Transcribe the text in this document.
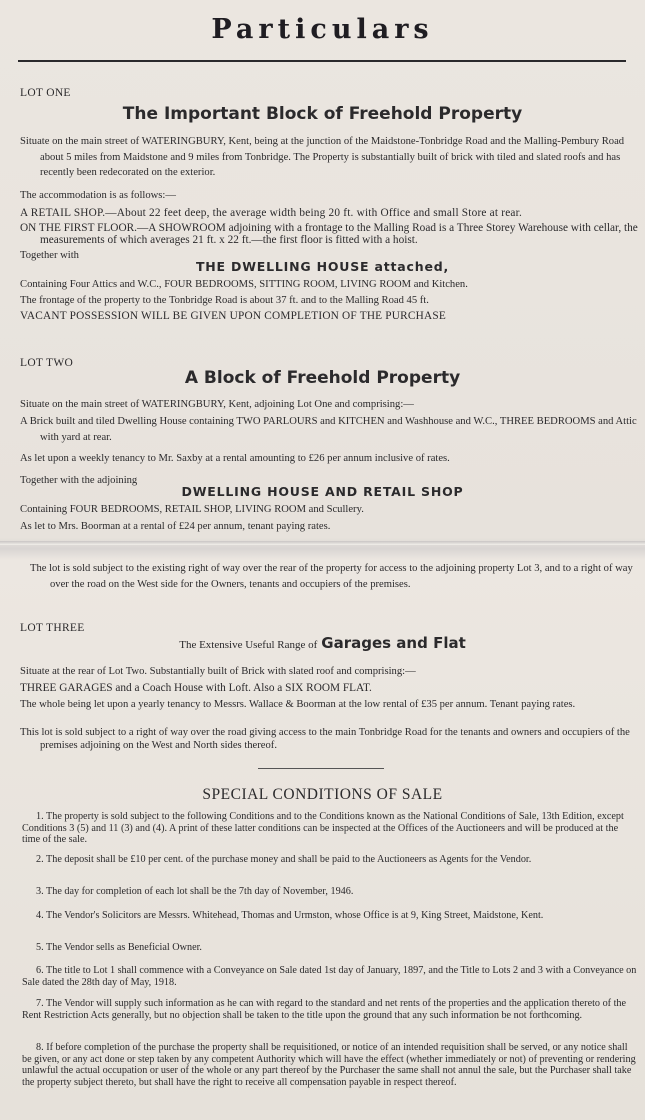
Particulars
LOT ONE
The Important Block of Freehold Property

Situate on the main street of WATERINGBURY, Kent, being at the junction of the Maidstone-Tonbridge Road and the Malling-Pembury Road about 5 miles from Maidstone and 9 miles from Tonbridge. The Property is substantially built of brick with tiled and slated roofs and has recently been redecorated on the exterior.

The accommodation is as follows:—

A RETAIL SHOP.—About 22 feet deep, the average width being 20 ft. with Office and small Store at rear.

ON THE FIRST FLOOR.—A SHOWROOM adjoining with a frontage to the Malling Road is a Three Storey Warehouse with cellar, the measurements of which averages 21 ft. x 22 ft.—the first floor is fitted with a hoist.

Together with

THE DWELLING HOUSE attached,

Containing Four Attics and W.C., FOUR BEDROOMS, SITTING ROOM, LIVING ROOM and Kitchen.

The frontage of the property to the Tonbridge Road is about 37 ft. and to the Malling Road 45 ft.

VACANT POSSESSION WILL BE GIVEN UPON COMPLETION OF THE PURCHASE

LOT TWO
A Block of Freehold Property

Situate on the main street of WATERINGBURY, Kent, adjoining Lot One and comprising:—

A Brick built and tiled Dwelling House containing TWO PARLOURS and KITCHEN and Washhouse and W.C., THREE BEDROOMS and Attic with yard at rear.

As let upon a weekly tenancy to Mr. Saxby at a rental amounting to £26 per annum inclusive of rates.

Together with the adjoining

DWELLING HOUSE AND RETAIL SHOP

Containing FOUR BEDROOMS, RETAIL SHOP, LIVING ROOM and Scullery.

As let to Mrs. Boorman at a rental of £24 per annum, tenant paying rates.

The lot is sold subject to the existing right of way over the rear of the property for access to the adjoining property Lot 3, and to a right of way over the road on the West side for the Owners, tenants and occupiers of the premises.

LOT THREE
The Extensive Useful Range of Garages and Flat

Situate at the rear of Lot Two. Substantially built of Brick with slated roof and comprising:—

THREE GARAGES and a Coach House with Loft. Also a SIX ROOM FLAT.

The whole being let upon a yearly tenancy to Messrs. Wallace & Boorman at the low rental of £35 per annum. Tenant paying rates.

This lot is sold subject to a right of way over the road giving access to the main Tonbridge Road for the tenants and owners and occupiers of the premises adjoining on the West and North sides thereof.

SPECIAL CONDITIONS OF SALE

1. The property is sold subject to the following Conditions and to the Conditions known as the National Conditions of Sale, 13th Edition, except Conditions 3 (5) and 11 (3) and (4). A print of these latter conditions can be inspected at the Offices of the Auctioneers and will be produced at the time of the sale.

2. The deposit shall be £10 per cent. of the purchase money and shall be paid to the Auctioneers as Agents for the Vendor.

3. The day for completion of each lot shall be the 7th day of November, 1946.

4. The Vendor's Solicitors are Messrs. Whitehead, Thomas and Urmston, whose Office is at 9, King Street, Maidstone, Kent.

5. The Vendor sells as Beneficial Owner.

6. The title to Lot 1 shall commence with a Conveyance on Sale dated 1st day of January, 1897, and the Title to Lots 2 and 3 with a Conveyance on Sale dated the 28th day of May, 1918.

7. The Vendor will supply such information as he can with regard to the standard and net rents of the properties and the application thereto of the Rent Restriction Acts generally, but no objection shall be taken to the title upon the ground that any such information be not forthcoming.

8. If before completion of the purchase the property shall be requisitioned, or notice of an intended requisition shall be served, or any notice shall be given, or any act done or step taken by any competent Authority which will have the effect (whether immediately or not) of preventing or rendering unlawful the actual occupation or user of the whole or any part thereof by the Purchaser the same shall not annul the sale, but the Purchaser shall take the property subject thereto, but shall have the right to receive all compensation payable in respect thereof.
